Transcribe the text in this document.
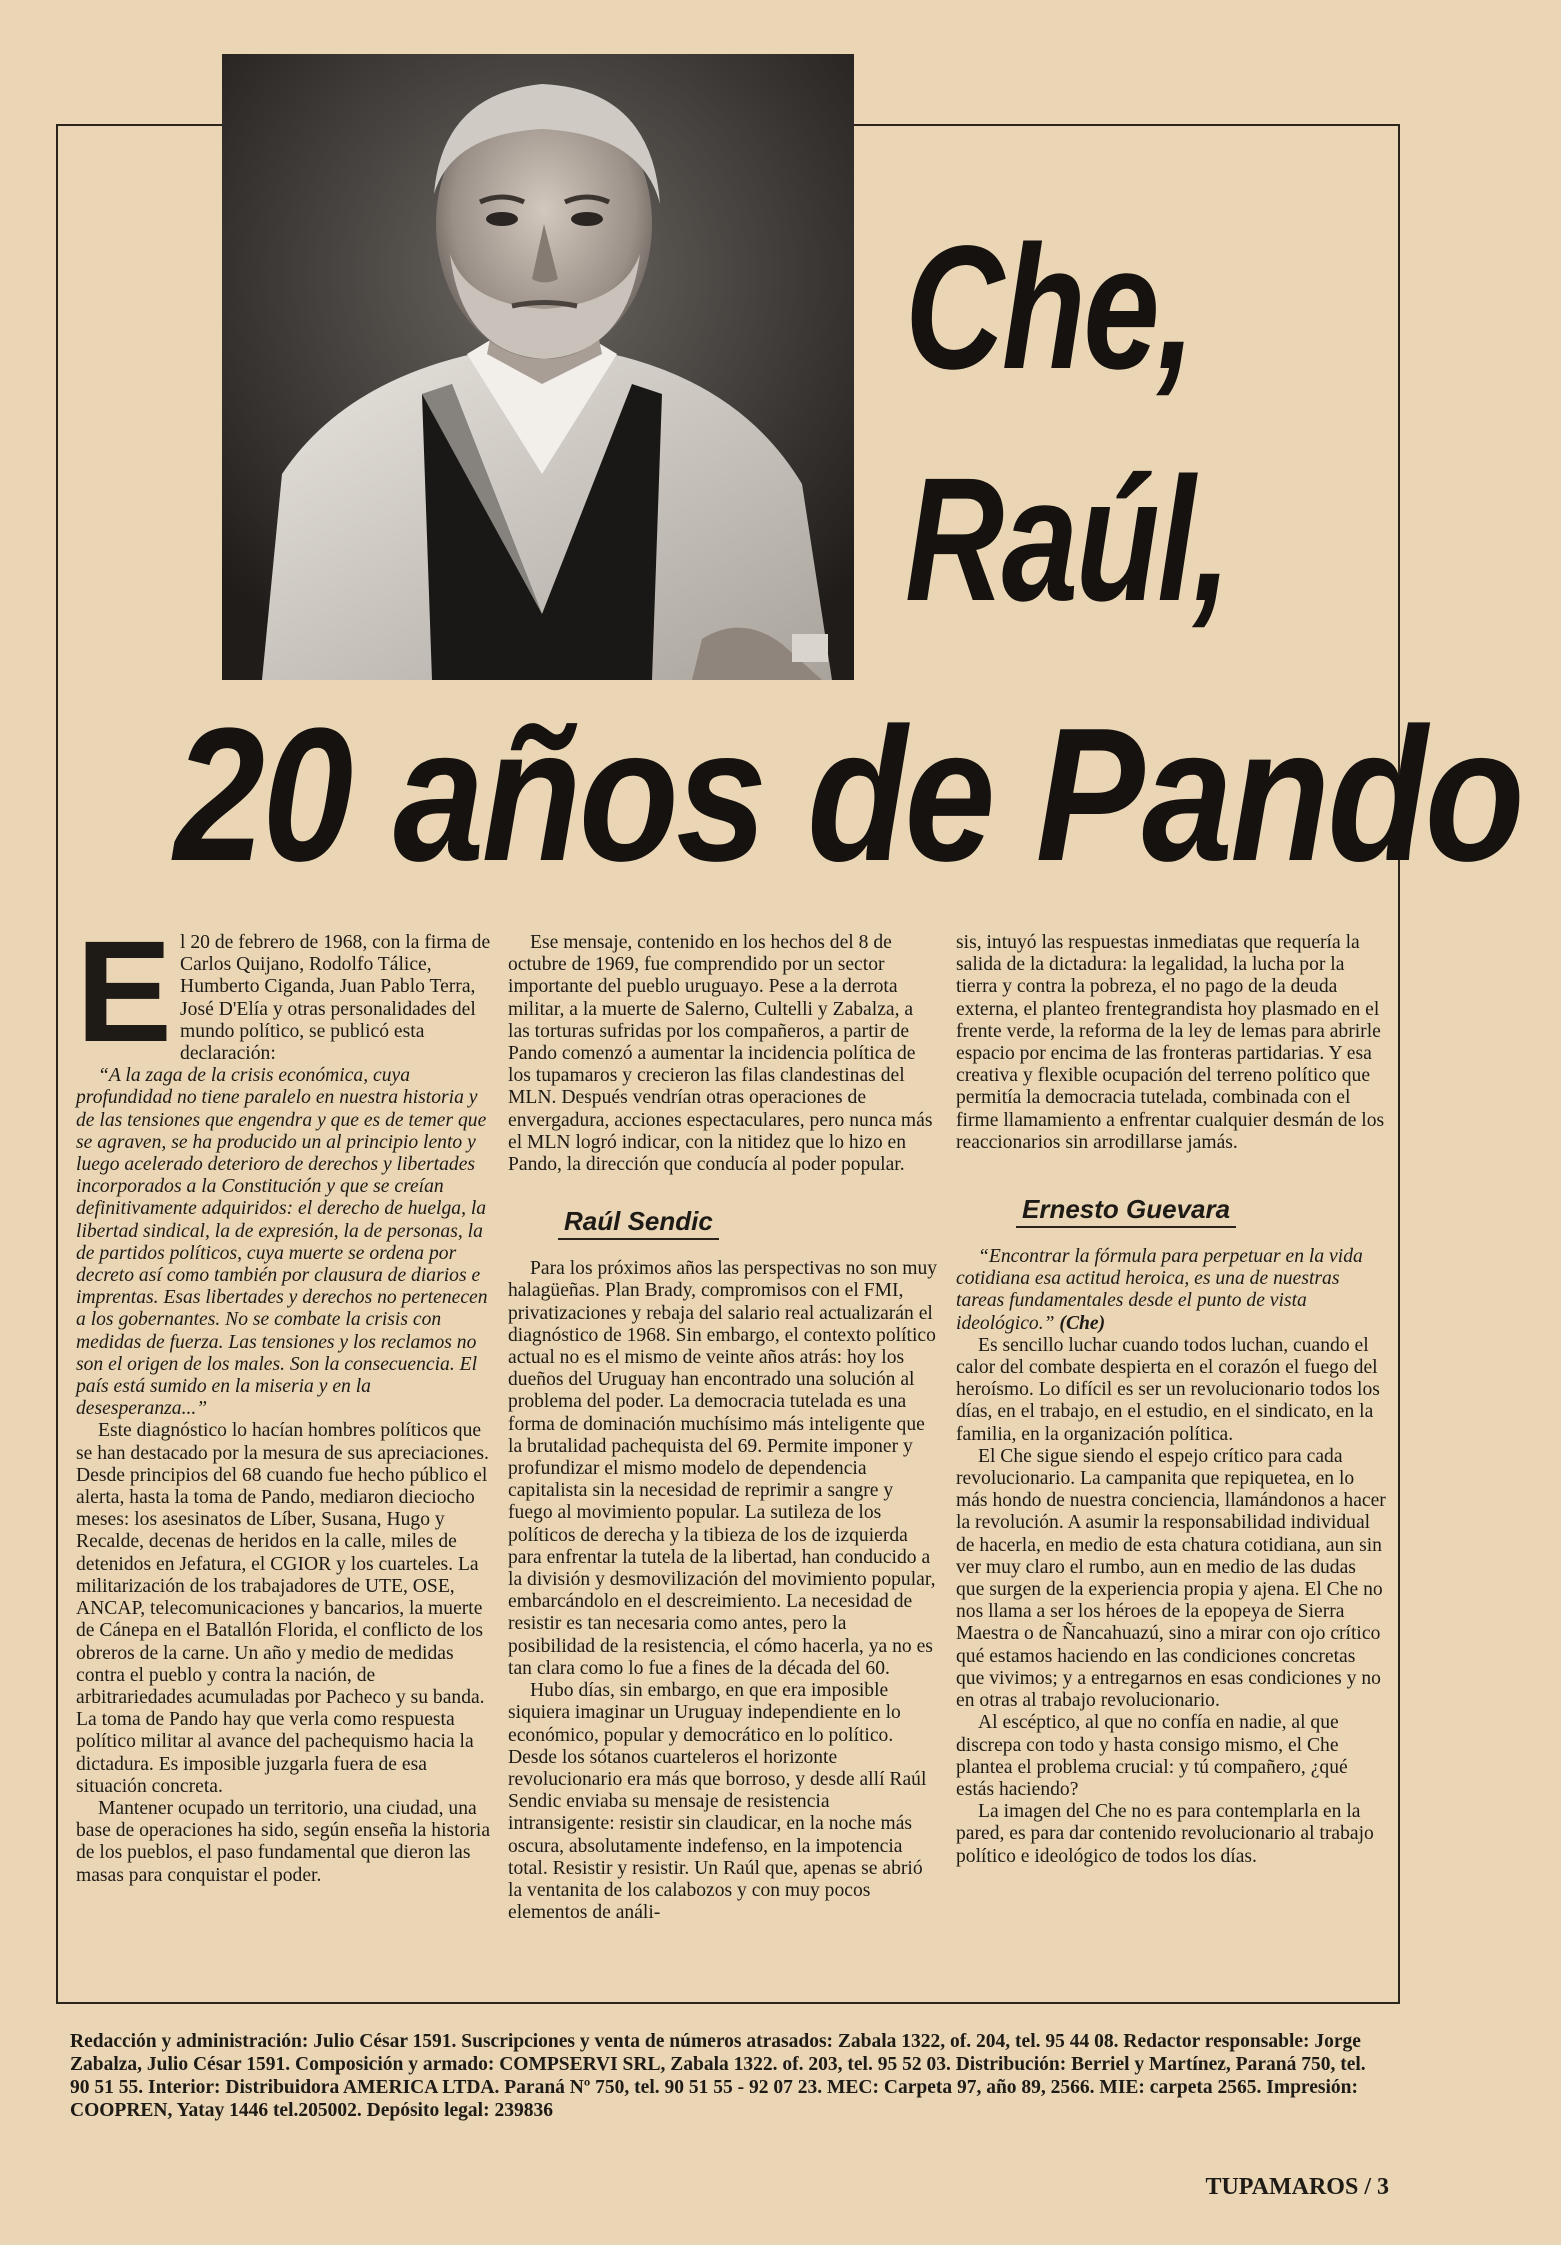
Che,
Raúl,
20 años de Pando
E l 20 de febrero de 1968, con la firma de Carlos Quijano, Rodolfo Tálice, Humberto Ciganda, Juan Pablo Terra, José D'Elía y otras personalidades del mundo político, se publicó esta declaración:

“A la zaga de la crisis económica, cuya profundidad no tiene paralelo en nuestra historia y de las tensiones que engendra y que es de temer que se agraven, se ha producido un al principio lento y luego acelerado deterioro de derechos y libertades incorporados a la Constitución y que se creían definitivamente adquiridos: el derecho de huelga, la libertad sindical, la de expresión, la de personas, la de partidos políticos, cuya muerte se ordena por decreto así como también por clausura de diarios e imprentas. Esas libertades y derechos no pertenecen a los gobernantes. No se combate la crisis con medidas de fuerza. Las tensiones y los reclamos no son el origen de los males. Son la consecuencia. El país está sumido en la miseria y en la desesperanza...”

Este diagnóstico lo hacían hombres políticos que se han destacado por la mesura de sus apreciaciones. Desde principios del 68 cuando fue hecho público el alerta, hasta la toma de Pando, mediaron dieciocho meses: los asesinatos de Líber, Susana, Hugo y Recalde, decenas de heridos en la calle, miles de detenidos en Jefatura, el CGIOR y los cuarteles. La militarización de los trabajadores de UTE, OSE, ANCAP, telecomunicaciones y bancarios, la muerte de Cánepa en el Batallón Florida, el conflicto de los obreros de la carne. Un año y medio de medidas contra el pueblo y contra la nación, de arbitrariedades acumuladas por Pacheco y su banda. La toma de Pando hay que verla como respuesta político militar al avance del pachequismo hacia la dictadura. Es imposible juzgarla fuera de esa situación concreta.

Mantener ocupado un territorio, una ciudad, una base de operaciones ha sido, según enseña la historia de los pueblos, el paso fundamental que dieron las masas para conquistar el poder.

Ese mensaje, contenido en los hechos del 8 de octubre de 1969, fue comprendido por un sector importante del pueblo uruguayo. Pese a la derrota militar, a la muerte de Salerno, Cultelli y Zabalza, a las torturas sufridas por los compañeros, a partir de Pando comenzó a aumentar la incidencia política de los tupamaros y crecieron las filas clandestinas del MLN. Después vendrían otras operaciones de envergadura, acciones espectaculares, pero nunca más el MLN logró indicar, con la nitidez que lo hizo en Pando, la dirección que conducía al poder popular.

Raúl Sendic

Para los próximos años las perspectivas no son muy halagüeñas. Plan Brady, compromisos con el FMI, privatizaciones y rebaja del salario real actualizarán el diagnóstico de 1968. Sin embargo, el contexto político actual no es el mismo de veinte años atrás: hoy los dueños del Uruguay han encontrado una solución al problema del poder. La democracia tutelada es una forma de dominación muchísimo más inteligente que la brutalidad pachequista del 69. Permite imponer y profundizar el mismo modelo de dependencia capitalista sin la necesidad de reprimir a sangre y fuego al movimiento popular. La sutileza de los políticos de derecha y la tibieza de los de izquierda para enfrentar la tutela de la libertad, han conducido a la división y desmovilización del movimiento popular, embarcándolo en el descreimiento. La necesidad de resistir es tan necesaria como antes, pero la posibilidad de la resistencia, el cómo hacerla, ya no es tan clara como lo fue a fines de la década del 60.

Hubo días, sin embargo, en que era imposible siquiera imaginar un Uruguay independiente en lo económico, popular y democrático en lo político. Desde los sótanos cuarteleros el horizonte revolucionario era más que borroso, y desde allí Raúl Sendic enviaba su mensaje de resistencia intransigente: resistir sin claudicar, en la noche más oscura, absolutamente indefenso, en la impotencia total. Resistir y resistir. Un Raúl que, apenas se abrió la ventanita de los calabozos y con muy pocos elementos de análi-

sis, intuyó las respuestas inmediatas que requería la salida de la dictadura: la legalidad, la lucha por la tierra y contra la pobreza, el no pago de la deuda externa, el planteo frentegrandista hoy plasmado en el frente verde, la reforma de la ley de lemas para abrirle espacio por encima de las fronteras partidarias. Y esa creativa y flexible ocupación del terreno político que permitía la democracia tutelada, combinada con el firme llamamiento a enfrentar cualquier desmán de los reaccionarios sin arrodillarse jamás.

Ernesto Guevara

“Encontrar la fórmula para perpetuar en la vida cotidiana esa actitud heroica, es una de nuestras tareas fundamentales desde el punto de vista ideológico.” (Che)

Es sencillo luchar cuando todos luchan, cuando el calor del combate despierta en el corazón el fuego del heroísmo. Lo difícil es ser un revolucionario todos los días, en el trabajo, en el estudio, en el sindicato, en la familia, en la organización política.

El Che sigue siendo el espejo crítico para cada revolucionario. La campanita que repiquetea, en lo más hondo de nuestra conciencia, llamándonos a hacer la revolución. A asumir la responsabilidad individual de hacerla, en medio de esta chatura cotidiana, aun sin ver muy claro el rumbo, aun en medio de las dudas que surgen de la experiencia propia y ajena. El Che no nos llama a ser los héroes de la epopeya de Sierra Maestra o de Ñancahuazú, sino a mirar con ojo crítico qué estamos haciendo en las condiciones concretas que vivimos; y a entregarnos en esas condiciones y no en otras al trabajo revolucionario.

Al escéptico, al que no confía en nadie, al que discrepa con todo y hasta consigo mismo, el Che plantea el problema crucial: y tú compañero, ¿qué estás haciendo?

La imagen del Che no es para contemplarla en la pared, es para dar contenido revolucionario al trabajo político e ideológico de todos los días.

Redacción y administración: Julio César 1591. Suscripciones y venta de números atrasados: Zabala 1322, of. 204, tel. 95 44 08. Redactor responsable: Jorge Zabalza, Julio César 1591. Composición y armado: COMPSERVI SRL, Zabala 1322. of. 203, tel. 95 52 03. Distribución: Berriel y Martínez, Paraná 750, tel. 90 51 55. Interior: Distribuidora AMERICA LTDA. Paraná Nº 750, tel. 90 51 55 - 92 07 23. MEC: Carpeta 97, año 89, 2566. MIE: carpeta 2565. Impresión: COOPREN, Yatay 1446 tel.205002. Depósito legal: 239836
TUPAMAROS / 3
